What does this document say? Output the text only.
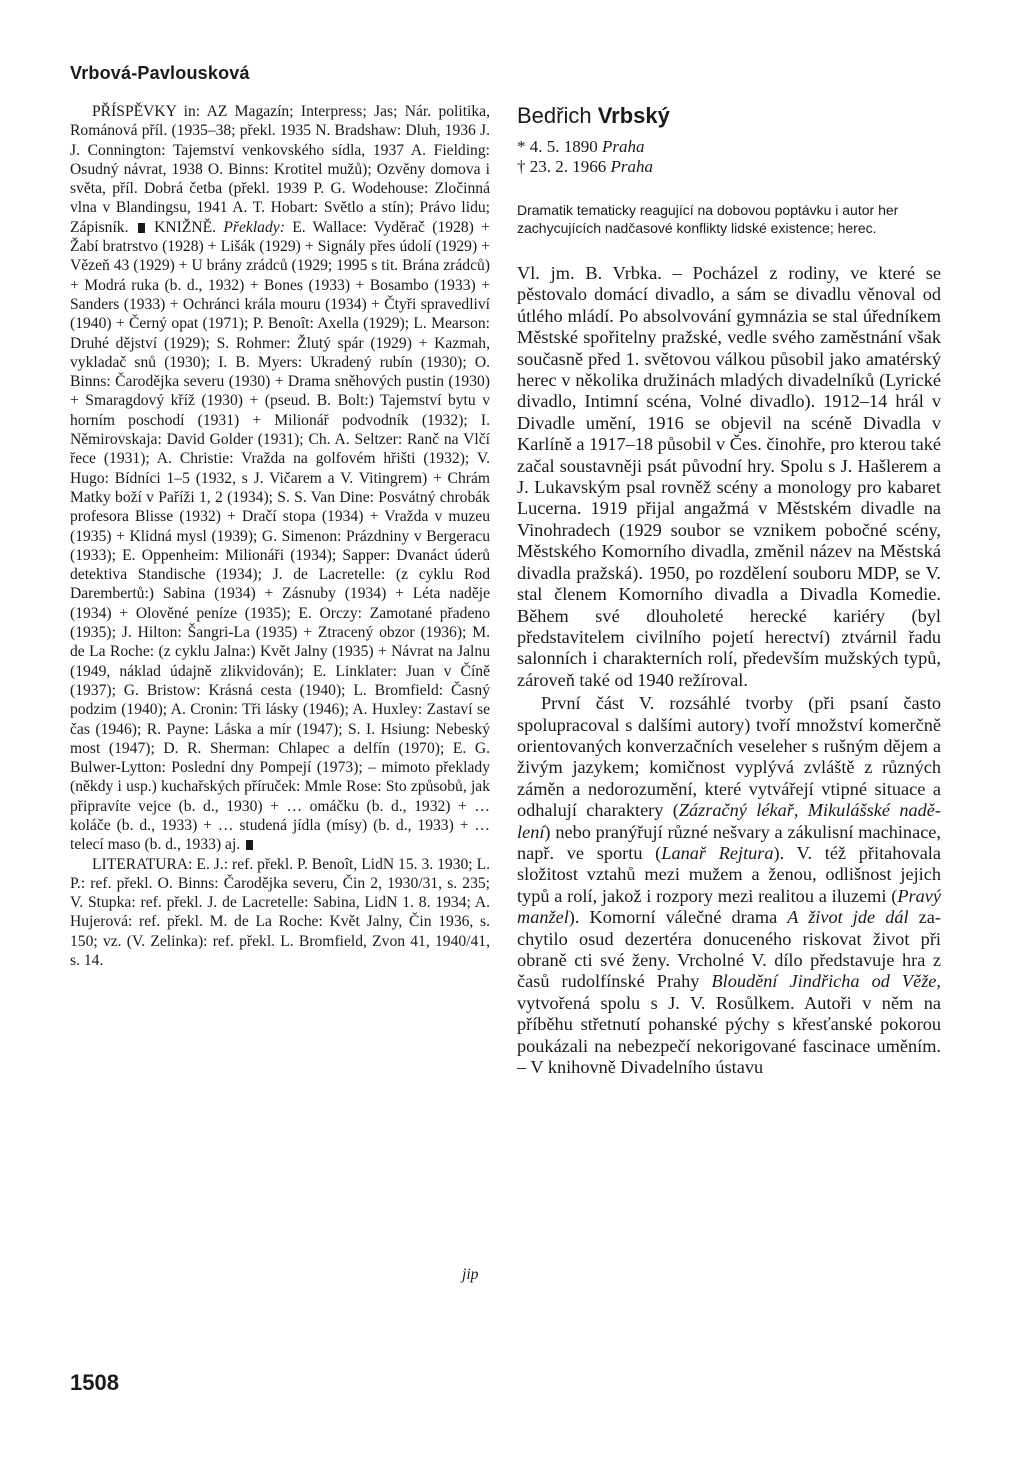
Vrbová-Pavlousková

PŘÍSPĚVKY in: AZ Magazín; Interpress; Jas; Nár. politika, Románová příl. (1935–38; překl. 1935 N. Bradshaw: Dluh, 1936 J. J. Connington: Tajemství venkovského sídla, 1937 A. Fielding: Osudný návrat, 1938 O. Binns: Krotitel mužů); Ozvěny domova i světa, příl. Dobrá četba (překl. 1939 P. G. Wodehouse: Zločinná vlna v Blandingsu, 1941 A. T. Hobart: Světlo a stín); Právo lidu; Zápisník. KNIŽNĚ. Překlady: E. Wallace: Vyděrač (1928) + Žabí bratrstvo (1928) + Lišák (1929) + Signály přes údolí (1929) + Vězeň 43 (1929) + U brány zrádců (1929; 1995 s tit. Brána zrádců) + Modrá ruka (b. d., 1932) + Bones (1933) + Bosambo (1933) + Sanders (1933) + Ochránci krála mouru (1934) + Čtyři spravedliví (1940) + Černý opat (1971); P. Benoît: Axella (1929); L. Mearson: Druhé dějství (1929); S. Rohmer: Žlutý spár (1929) + Kazmah, vykladač snů (1930); I. B. Myers: Ukradený rubín (1930); O. Binns: Čarodějka severu (1930) + Drama sněhových pustin (1930) + Smaragdový kříž (1930) + (pseud. B. Bolt:) Tajemství bytu v horním poschodí (1931) + Milionář podvodník (1932); I. Němirovskaja: David Golder (1931); Ch. A. Seltzer: Ranč na Vlčí řece (1931); A. Christie: Vražda na golfovém hřišti (1932); V. Hugo: Bídníci 1–5 (1932, s J. Vičarem a V. Vitingrem) + Chrám Matky boží v Paříži 1, 2 (1934); S. S. Van Dine: Posvátný chrobák profesora Blisse (1932) + Dračí stopa (1934) + Vražda v muzeu (1935) + Klidná mysl (1939); G. Simenon: Prázdniny v Bergeracu (1933); E. Oppenheim: Milionáři (1934); Sapper: Dvanáct úderů detektiva Standische (1934); J. de Lacretelle: (z cyklu Rod Darembertů:) Sabina (1934) + Zásnuby (1934) + Léta naděje (1934) + Olověné peníze (1935); E. Orczy: Zamotané přadeno (1935); J. Hilton: Šangri-La (1935) + Ztracený obzor (1936); M. de La Roche: (z cyklu Jalna:) Květ Jalny (1935) + Návrat na Jalnu (1949, náklad údajně zlikvidován); E. Linklater: Juan v Číně (1937); G. Bristow: Krásná cesta (1940); L. Bromfield: Časný podzim (1940); A. Cronin: Tři lásky (1946); A. Huxley: Zastaví se čas (1946); R. Payne: Láska a mír (1947); S. I. Hsiung: Nebeský most (1947); D. R. Sherman: Chlapec a delfín (1970); E. G. Bulwer-Lytton: Poslední dny Pompejí (1973); – mimoto překlady (někdy i usp.) kuchařských příruček: Mmle Rose: Sto způsobů, jak připravíte vejce (b. d., 1930) + … omáčku (b. d., 1932) + … koláče (b. d., 1933) + … studená jídla (mísy) (b. d., 1933) + … telecí maso (b. d., 1933) aj.

LITERATURA: E. J.: ref. překl. P. Benoît, LidN 15. 3. 1930; L. P.: ref. překl. O. Binns: Čarodějka severu, Čin 2, 1930/31, s. 235; V. Stupka: ref. překl. J. de Lacretelle: Sabina, LidN 1. 8. 1934; A. Hujerová: ref. překl. M. de La Roche: Květ Jalny, Čin 1936, s. 150; vz. (V. Zelinka): ref. překl. L. Bromfield, Zvon 41, 1940/41, s. 14.

jip
1508
Bedřich Vrbský

* 4. 5. 1890 Praha

† 23. 2. 1966 Praha

Dramatik tematicky reagující na dobovou poptávku i autor her zachycujících nadčasové konflikty lidské existence; herec.

Vl. jm. B. Vrbka. – Pocházel z rodiny, ve které se pěstovalo domácí divadlo, a sám se divadlu věnoval od útlého mládí. Po absolvování gymnázia se stal úředníkem Městské spořitelny pražské, vedle svého zaměstnání však současně před 1. světovou válkou působil jako amatérský herec v několika družinách mladých divadelníků (Lyrické divadlo, Intimní scéna, Volné divadlo). 1912–14 hrál v Divadle umění, 1916 se objevil na scéně Divadla v Karlíně a 1917–18 působil v Čes. činohře, pro kterou také začal soustavněji psát původní hry. Spolu s J. Hašlerem a J. Lukavským psal rovněž scény a monology pro kabaret Lucerna. 1919 přijal angažmá v Městském divadle na Vinohradech (1929 soubor se vznikem pobočné scény, Městského Komorního divadla, změnil název na Městská divadla pražská). 1950, po rozdělení souboru MDP, se V. stal členem Komorního divadla a Divadla Komedie. Během své dlouholeté herecké kariéry (byl představitelem civilního pojetí herectví) ztvárnil řadu salonních i charakterních rolí, především mužských typů, zároveň také od 1940 režíroval.

První část V. rozsáhlé tvorby (při psaní často spolupracoval s dalšími autory) tvoří množství komerčně orientovaných konverzačních veseleher s rušným dějem a živým jazykem; komičnost vyplývá zvláště z různých záměn a nedorozumění, které vytvářejí vtipné situace a odhalují charaktery (Zázračný lékař, Mikulášské nadělení) nebo pranýřují různé nešvary a zákulisní machinace, např. ve sportu (Lanař Rejtura). V. též přitahovala složitost vztahů mezi mužem a ženou, odlišnost jejich typů a rolí, jakož i rozpory mezi realitou a iluzemi (Pravý manžel). Komorní válečné drama A život jde dál zachytilo osud dezertéra donuceného riskovat život při obraně cti své ženy. Vrcholné V. dílo představuje hra z časů rudolfínské Prahy Bloudění Jindřicha od Věže, vytvořená spolu s J. V. Rosůlkem. Autoři v něm na příběhu střetnutí pohanské pýchy s křesťanské pokorou poukázali na nebezpečí nekorigované fascinace uměním. – V knihovně Divadelního ústavu
